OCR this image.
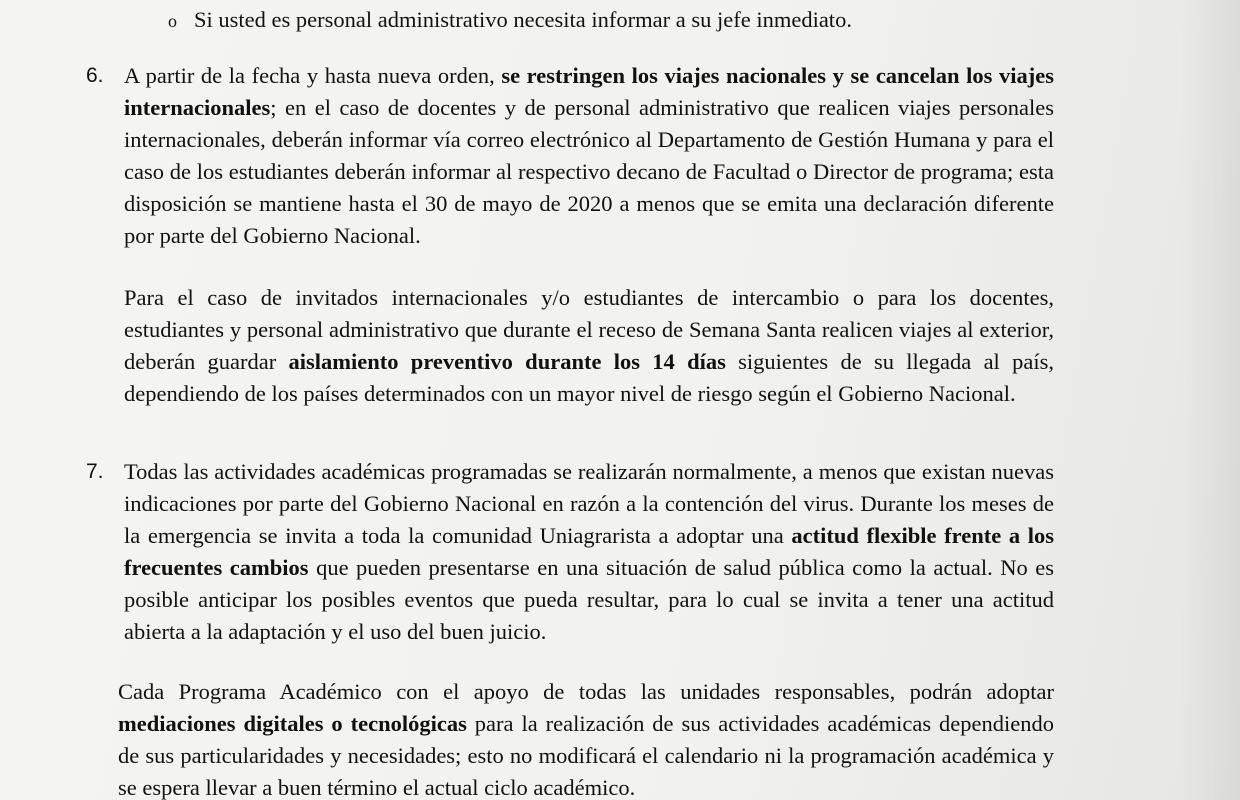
o Si usted es personal administrativo necesita informar a su jefe inmediato.
6. A partir de la fecha y hasta nueva orden, se restringen los viajes nacionales y se cancelan los viajes internacionales; en el caso de docentes y de personal administrativo que realicen viajes personales internacionales, deberán informar vía correo electrónico al Departamento de Gestión Humana y para el caso de los estudiantes deberán informar al respectivo decano de Facultad o Director de programa; esta disposición se mantiene hasta el 30 de mayo de 2020 a menos que se emita una declaración diferente por parte del Gobierno Nacional.
Para el caso de invitados internacionales y/o estudiantes de intercambio o para los docentes, estudiantes y personal administrativo que durante el receso de Semana Santa realicen viajes al exterior, deberán guardar aislamiento preventivo durante los 14 días siguientes de su llegada al país, dependiendo de los países determinados con un mayor nivel de riesgo según el Gobierno Nacional.
7. Todas las actividades académicas programadas se realizarán normalmente, a menos que existan nuevas indicaciones por parte del Gobierno Nacional en razón a la contención del virus. Durante los meses de la emergencia se invita a toda la comunidad Uniagrarista a adoptar una actitud flexible frente a los frecuentes cambios que pueden presentarse en una situación de salud pública como la actual. No es posible anticipar los posibles eventos que pueda resultar, para lo cual se invita a tener una actitud abierta a la adaptación y el uso del buen juicio.
Cada Programa Académico con el apoyo de todas las unidades responsables, podrán adoptar mediaciones digitales o tecnológicas para la realización de sus actividades académicas dependiendo de sus particularidades y necesidades; esto no modificará el calendario ni la programación académica y se espera llevar a buen término el actual ciclo académico.
